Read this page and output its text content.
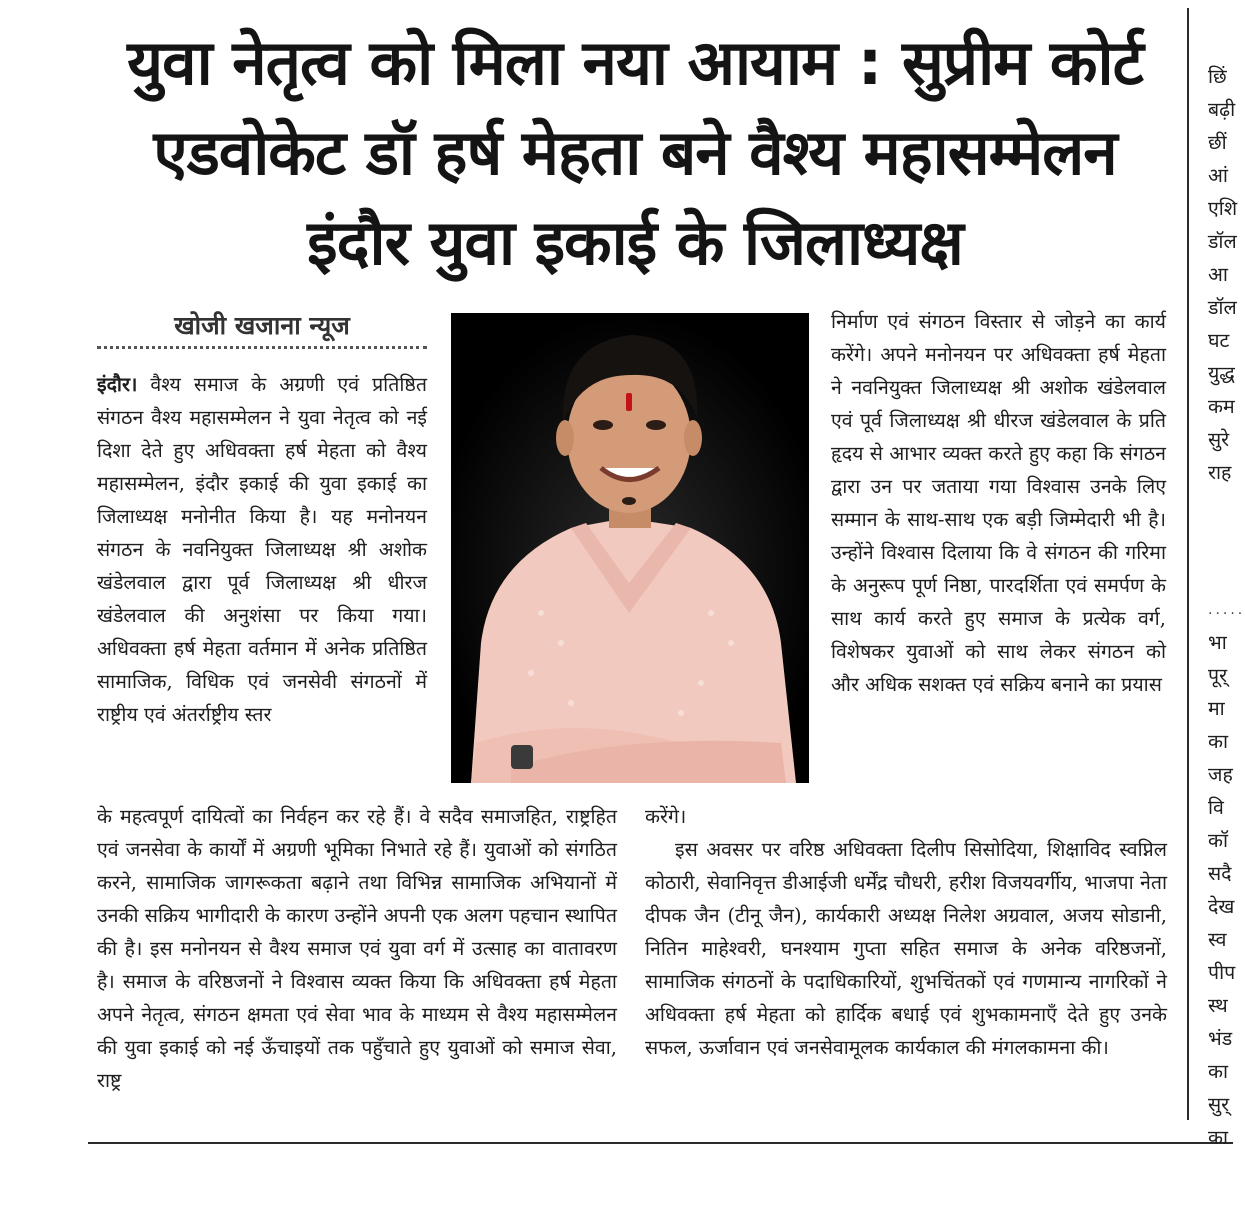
युवा नेतृत्व को मिला नया आयाम : सुप्रीम कोर्ट
एडवोकेट डॉ हर्ष मेहता बने वैश्य महासम्मेलन
इंदौर युवा इकाई के जिलाध्यक्ष
खोजी खजाना न्यूज

इंदौर। वैश्य समाज के अग्रणी एवं प्रतिष्ठित संगठन वैश्य महासम्मेलन ने युवा नेतृत्व को नई दिशा देते हुए अधिवक्ता हर्ष मेहता को वैश्य महासम्मेलन, इंदौर इकाई की युवा इकाई का जिलाध्यक्ष मनोनीत किया है। यह मनोनयन संगठन के नवनियुक्त जिलाध्यक्ष श्री अशोक खंडेलवाल द्वारा पूर्व जिलाध्यक्ष श्री धीरज खंडेलवाल की अनुशंसा पर किया गया। अधिवक्ता हर्ष मेहता वर्तमान में अनेक प्रतिष्ठित सामाजिक, विधिक एवं जनसेवी संगठनों में राष्ट्रीय एवं अंतर्राष्ट्रीय स्तर

निर्माण एवं संगठन विस्तार से जोड़ने का कार्य करेंगे। अपने मनोनयन पर अधिवक्ता हर्ष मेहता ने नवनियुक्त जिलाध्यक्ष श्री अशोक खंडेलवाल एवं पूर्व जिलाध्यक्ष श्री धीरज खंडेलवाल के प्रति हृदय से आभार व्यक्त करते हुए कहा कि संगठन द्वारा उन पर जताया गया विश्वास उनके लिए सम्मान के साथ-साथ एक बड़ी जिम्मेदारी भी है। उन्होंने विश्वास दिलाया कि वे संगठन की गरिमा के अनुरूप पूर्ण निष्ठा, पारदर्शिता एवं समर्पण के साथ कार्य करते हुए समाज के प्रत्येक वर्ग, विशेषकर युवाओं को साथ लेकर संगठन को और अधिक सशक्त एवं सक्रिय बनाने का प्रयास

के महत्वपूर्ण दायित्वों का निर्वहन कर रहे हैं। वे सदैव समाजहित, राष्ट्रहित एवं जनसेवा के कार्यों में अग्रणी भूमिका निभाते रहे हैं। युवाओं को संगठित करने, सामाजिक जागरूकता बढ़ाने तथा विभिन्न सामाजिक अभियानों में उनकी सक्रिय भागीदारी के कारण उन्होंने अपनी एक अलग पहचान स्थापित की है। इस मनोनयन से वैश्य समाज एवं युवा वर्ग में उत्साह का वातावरण है। समाज के वरिष्ठजनों ने विश्वास व्यक्त किया कि अधिवक्ता हर्ष मेहता अपने नेतृत्व, संगठन क्षमता एवं सेवा भाव के माध्यम से वैश्य महासम्मेलन की युवा इकाई को नई ऊँचाइयों तक पहुँचाते हुए युवाओं को समाज सेवा, राष्ट्र

करेंगे।

इस अवसर पर वरिष्ठ अधिवक्ता दिलीप सिसोदिया, शिक्षाविद स्वप्निल कोठारी, सेवानिवृत्त डीआईजी धर्मेंद्र चौधरी, हरीश विजयवर्गीय, भाजपा नेता दीपक जैन (टीनू जैन), कार्यकारी अध्यक्ष निलेश अग्रवाल, अजय सोडानी, नितिन माहेश्वरी, घनश्याम गुप्ता सहित समाज के अनेक वरिष्ठजनों, सामाजिक संगठनों के पदाधिकारियों, शुभचिंतकों एवं गणमान्य नागरिकों ने अधिवक्ता हर्ष मेहता को हार्दिक बधाई एवं शुभकामनाएँ देते हुए उनके सफल, ऊर्जावान एवं जनसेवामूलक कार्यकाल की मंगलकामना की।

छिं
बढ़ी
छीं
आं
एशि
डॉल
आ
डॉल
घट
युद्ध
कम
सुरे
राह
.....
भा
पूर्
मा
का
जह
वि
कॉ
सदै
देख
स्व
पीप
स्थ
भंड
का
सुर्
का
